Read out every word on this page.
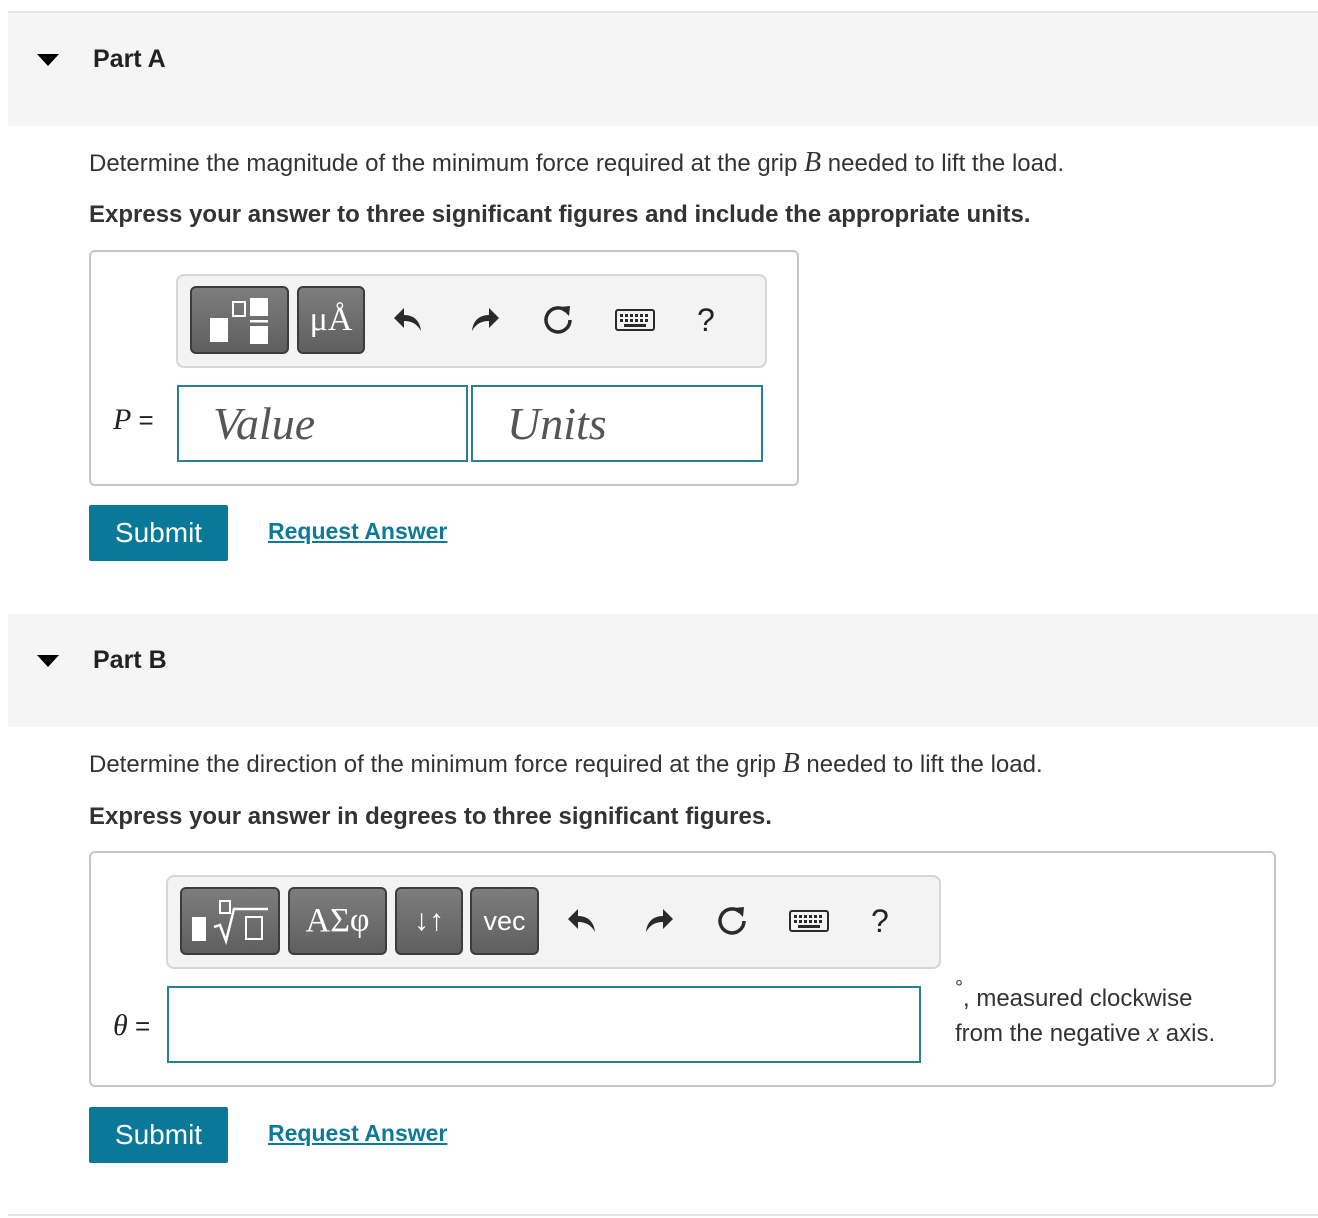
Part A
Determine the magnitude of the minimum force required at the grip B needed to lift the load.
Express your answer to three significant figures and include the appropriate units.
μÅ	?
P = Value	Units
Submit	Request Answer
Part B
Determine the direction of the minimum force required at the grip B needed to lift the load.
Express your answer in degrees to three significant figures.
ΑΣφ ↓↑ vec	?
θ =
°, measured clockwise
from the negative x axis.
Submit	Request Answer
